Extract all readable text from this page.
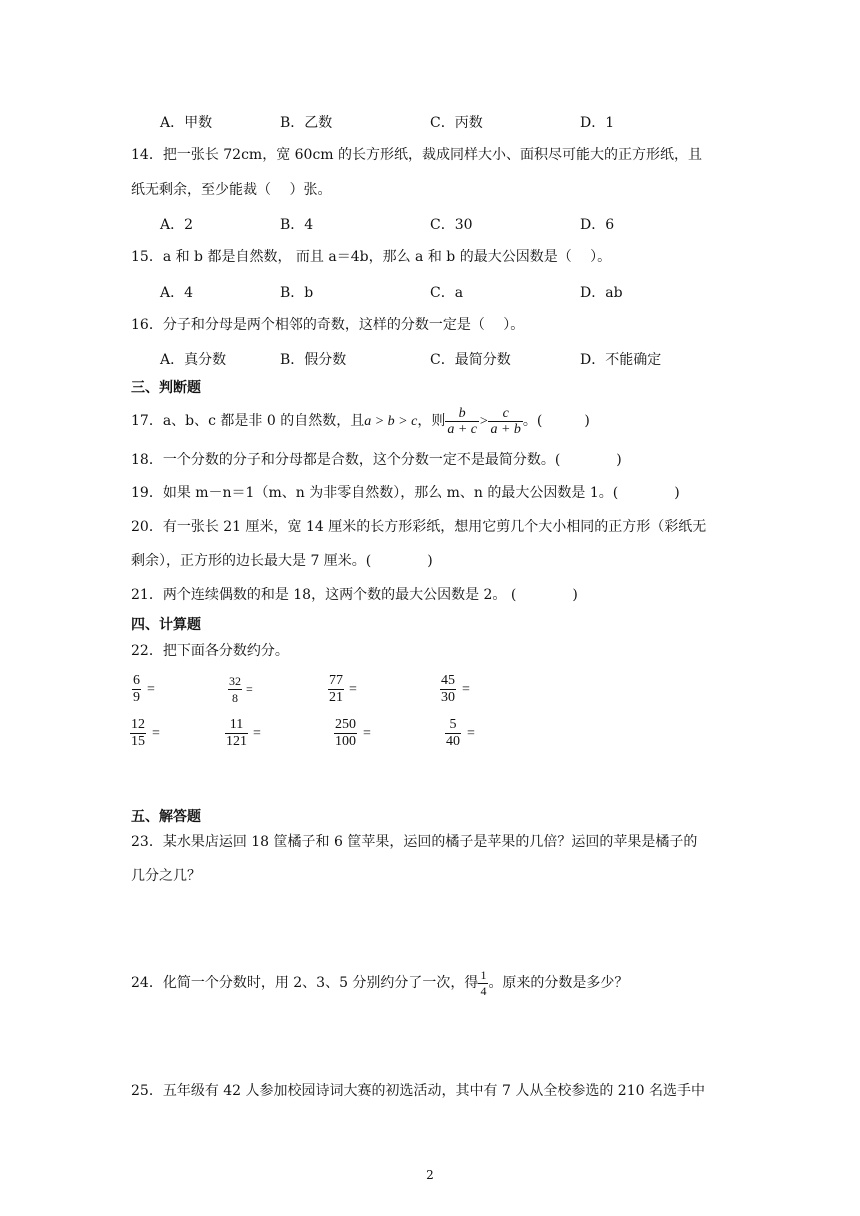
A．甲数	B．乙数	C．丙数	D．1
14．把一张长 72cm，宽 60cm 的长方形纸，裁成同样大小、面积尽可能大的正方形纸，且
纸无剩余，至少能裁（　 ）张。
A．2	B．4	C．30	D．6
15．a 和 b 都是自然数， 而且 a＝4b，那么 a 和 b 的最大公因数是（　 ）。
A．4	B．b	C．a	D．ab
16．分子和分母是两个相邻的奇数，这样的分数一定是（　 ）。
A．真分数	B．假分数	C．最简分数	D．不能确定
三、判断题
17．a、b、c 都是非 0 的自然数，且a > b > c，则 $\frac{b}{a + c} > \frac{c}{a + b}$ 。(　　　)
18．一个分数的分子和分母都是合数，这个分数一定不是最简分数。(　　　　)
19．如果 m－n＝1（m、n 为非零自然数），那么 m、n 的最大公因数是 1。(　　　　)
20．有一张长 21 厘米，宽 14 厘米的长方形彩纸，想用它剪几个大小相同的正方形（彩纸无
剩余），正方形的边长最大是 7 厘米。(　　　　)
21．两个连续偶数的和是 18，这两个数的最大公因数是 2。 (　　　　)
四、计算题
22．把下面各分数约分。
$\frac{6}{9}$ =	$\frac{32}{8}$ =	$\frac{77}{21}$ =	$\frac{45}{30}$ =
$\frac{12}{15}$ =	$\frac{11}{121}$ =	$\frac{250}{100}$ =	$\frac{5}{40}$ =
五、解答题
23．某水果店运回 18 筐橘子和 6 筐苹果，运回的橘子是苹果的几倍？运回的苹果是橘子的
几分之几？
24．化简一个分数时，用 2、3、5 分别约分了一次，得 $\frac{1}{4}$ 。原来的分数是多少？
25．五年级有 42 人参加校园诗词大赛的初选活动，其中有 7 人从全校参选的 210 名选手中
2
